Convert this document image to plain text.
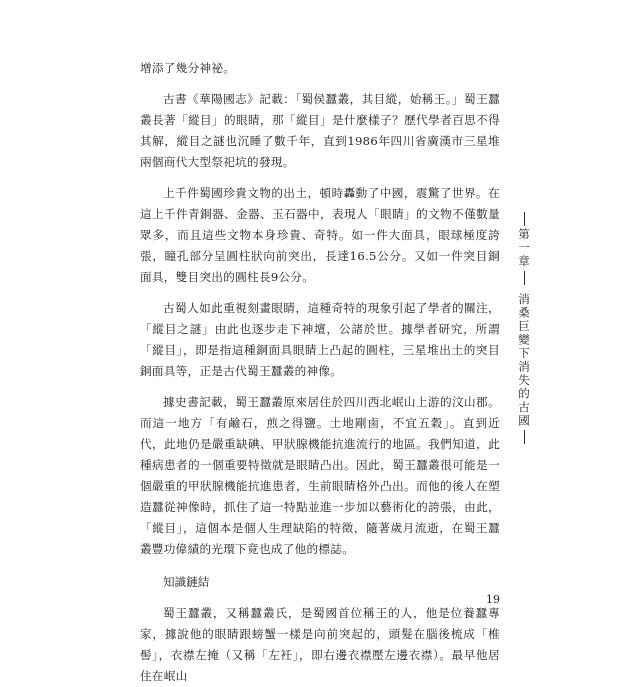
增添了幾分神祕。

古書《華陽國志》記載：「蜀侯蠶叢，其目縱，始稱王。」蜀王蠶叢長著「縱目」的眼睛，那「縱目」是什麼樣子？歷代學者百思不得其解，縱目之謎也沉睡了數千年，直到1986年四川省廣漢市三星堆兩個商代大型祭祀坑的發現。

上千件蜀國珍貴文物的出土，頓時轟動了中國，震驚了世界。在這上千件青銅器、金器、玉石器中，表現人「眼睛」的文物不僅數量眾多，而且這些文物本身珍貴、奇特。如一件大面具，眼球極度誇張，瞳孔部分呈圓柱狀向前突出，長達16.5公分。又如一件突目銅面具，雙目突出的圓柱長9公分。

古蜀人如此重視刻畫眼睛，這種奇特的現象引起了學者的關注，「縱目之謎」由此也逐步走下神壇，公諸於世。據學者研究，所謂「縱目」，即是指這種銅面具眼睛上凸起的圓柱，三星堆出土的突目銅面具等，正是古代蜀王蠶叢的神像。

據史書記載，蜀王蠶叢原來居住於四川西北岷山上游的汶山郡。而這一地方「有鹼石，煎之得鹽。土地剛鹵，不宜五穀」。直到近代，此地仍是嚴重缺碘、甲狀腺機能抗進流行的地區。我們知道，此種病患者的一個重要特徵就是眼睛凸出。因此，蜀王蠶叢很可能是一個嚴重的甲狀腺機能抗進患者，生前眼睛格外凸出。而他的後人在塑造蠶從神像時，抓住了這一特點並進一步加以藝術化的誇張，由此，「縱目」，這個本是個人生理缺陷的特徵，隨著歲月流逝，在蜀王蠶叢豐功偉績的光環下竟也成了他的標誌。

知識鏈結

蜀王蠶叢，又稱蠶叢氏，是蜀國首位稱王的人，他是位養蠶專家，據說他的眼睛跟螃蟹一樣是向前突起的，頭髮在腦後梳成「椎髻」，衣襟左掩（又稱「左衽」，即右邊衣襟壓左邊衣襟）。最早他居住在岷山

第一章
消桑巨變下消失的古國
19
